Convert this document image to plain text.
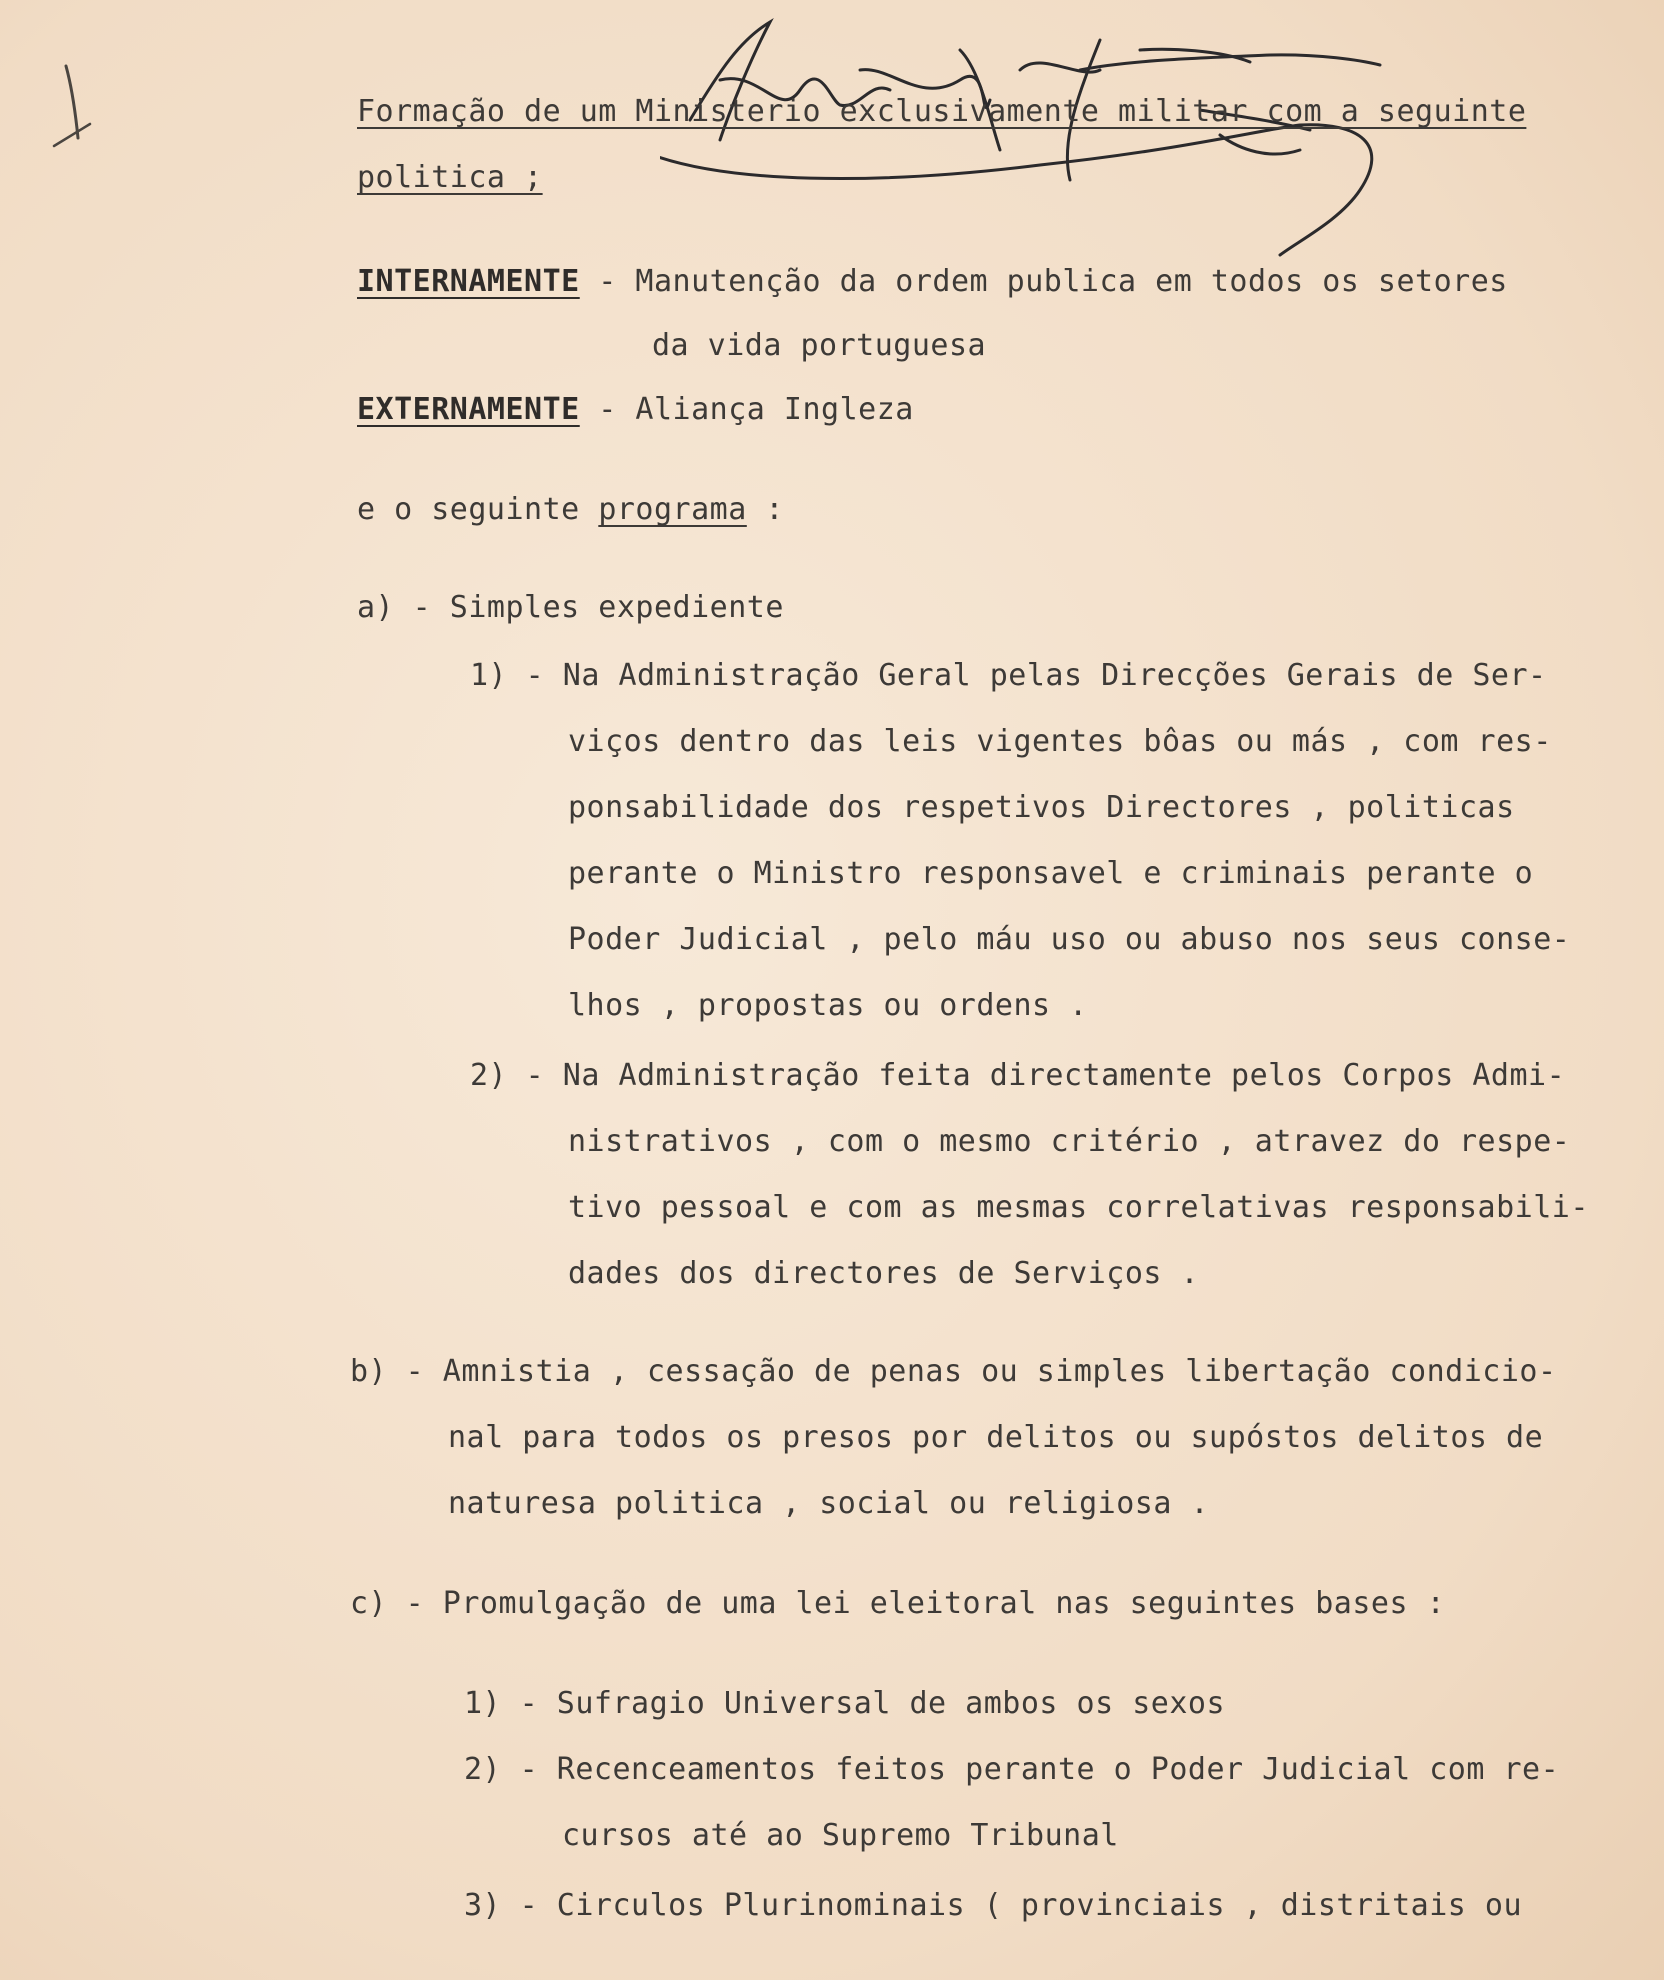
Formação de um Ministerio exclusivamente militar com a seguinte
politica ;
INTERNAMENTE - Manutenção da ordem publica em todos os setores
da vida portuguesa
EXTERNAMENTE - Aliança Ingleza
e o seguinte programa :
a) - Simples expediente
1) - Na Administração Geral pelas Direcções Gerais de Ser-
viços dentro das leis vigentes bôas ou más , com res-
ponsabilidade dos respetivos Directores , politicas
perante o Ministro responsavel e criminais perante o
Poder Judicial , pelo máu uso ou abuso nos seus conse-
lhos , propostas ou ordens .
2) - Na Administração feita directamente pelos Corpos Admi-
nistrativos , com o mesmo critério , atravez do respe-
tivo pessoal e com as mesmas correlativas responsabili-
dades dos directores de Serviços .
b) - Amnistia , cessação de penas ou simples libertação condicio-
nal para todos os presos por delitos ou supóstos delitos de
naturesa politica , social ou religiosa .
c) - Promulgação de uma lei eleitoral nas seguintes bases :
1) - Sufragio Universal de ambos os sexos
2) - Recenceamentos feitos perante o Poder Judicial com re-
cursos até ao Supremo Tribunal
3) - Circulos Plurinominais ( provinciais , distritais ou
